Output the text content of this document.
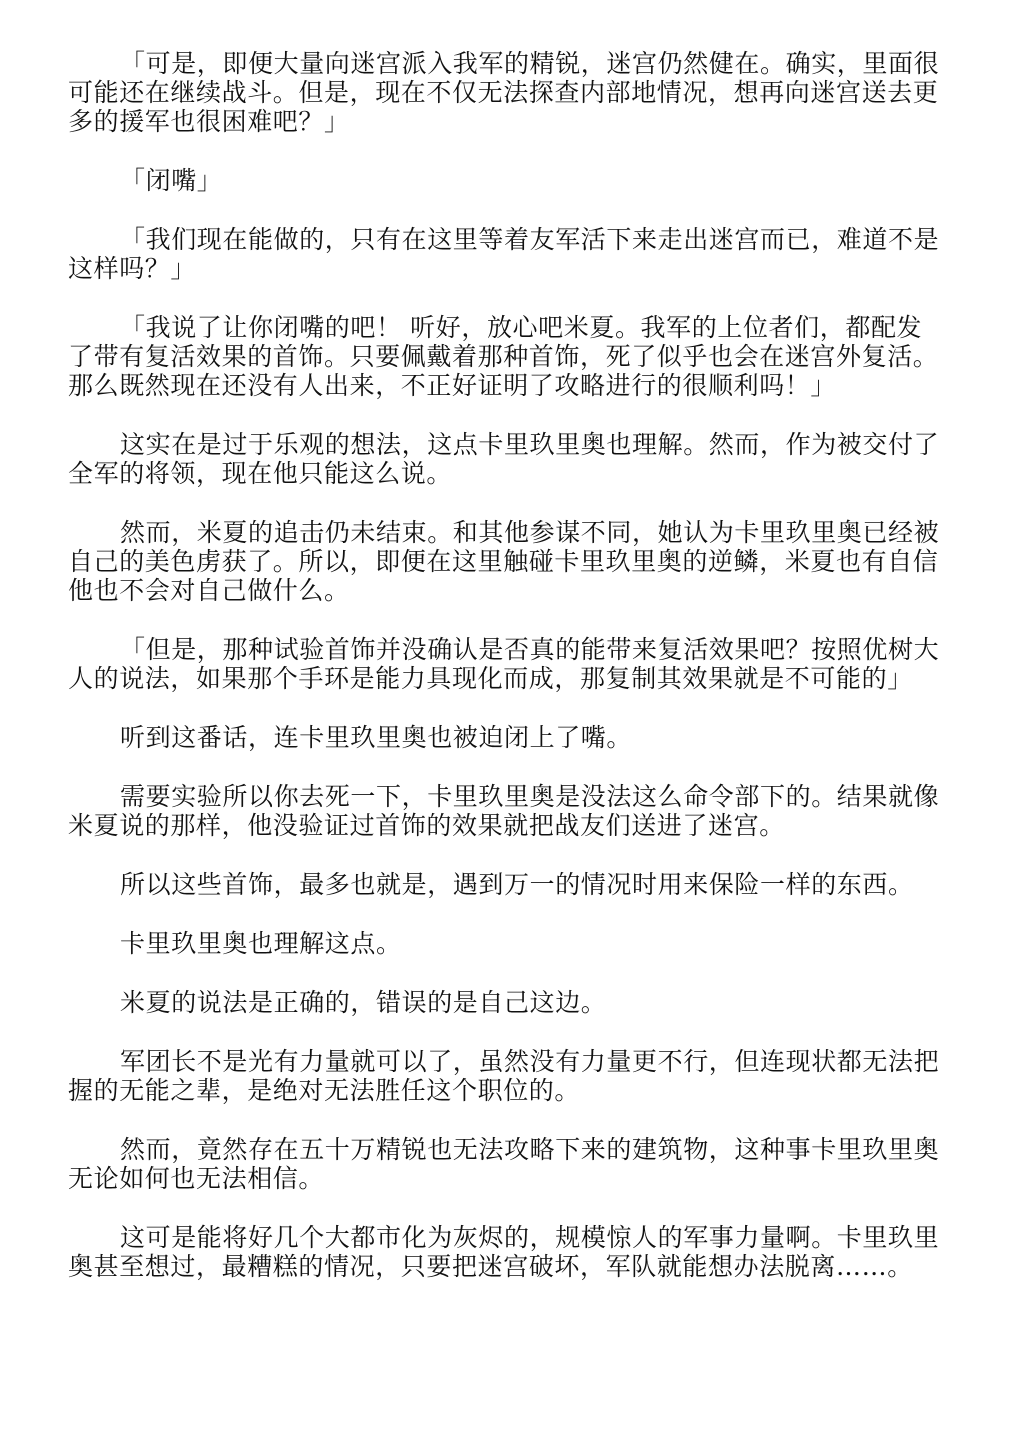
「可是，即便大量向迷宫派入我军的精锐，迷宫仍然健在。确实，里面很可能还在继续战斗。但是，现在不仅无法探查内部地情况，想再向迷宫送去更多的援军也很困难吧？」

「闭嘴」

「我们现在能做的，只有在这里等着友军活下来走出迷宫而已，难道不是这样吗？」

「我说了让你闭嘴的吧！ 听好，放心吧米夏。我军的上位者们，都配发了带有复活效果的首饰。只要佩戴着那种首饰，死了似乎也会在迷宫外复活。那么既然现在还没有人出来，不正好证明了攻略进行的很顺利吗！」

这实在是过于乐观的想法，这点卡里玖里奥也理解。然而，作为被交付了全军的将领，现在他只能这么说。

然而，米夏的追击仍未结束。和其他参谋不同，她认为卡里玖里奥已经被自己的美色虏获了。所以，即便在这里触碰卡里玖里奥的逆鳞，米夏也有自信他也不会对自己做什么。

「但是，那种试验首饰并没确认是否真的能带来复活效果吧？按照优树大人的说法，如果那个手环是能力具现化而成，那复制其效果就是不可能的」

听到这番话，连卡里玖里奥也被迫闭上了嘴。

需要实验所以你去死一下，卡里玖里奥是没法这么命令部下的。结果就像米夏说的那样，他没验证过首饰的效果就把战友们送进了迷宫。

所以这些首饰，最多也就是，遇到万一的情况时用来保险一样的东西。

卡里玖里奥也理解这点。

米夏的说法是正确的，错误的是自己这边。

军团长不是光有力量就可以了，虽然没有力量更不行，但连现状都无法把握的无能之辈，是绝对无法胜任这个职位的。

然而，竟然存在五十万精锐也无法攻略下来的建筑物，这种事卡里玖里奥无论如何也无法相信。

这可是能将好几个大都市化为灰烬的，规模惊人的军事力量啊。卡里玖里奥甚至想过，最糟糕的情况，只要把迷宫破坏，军队就能想办法脱离……。
